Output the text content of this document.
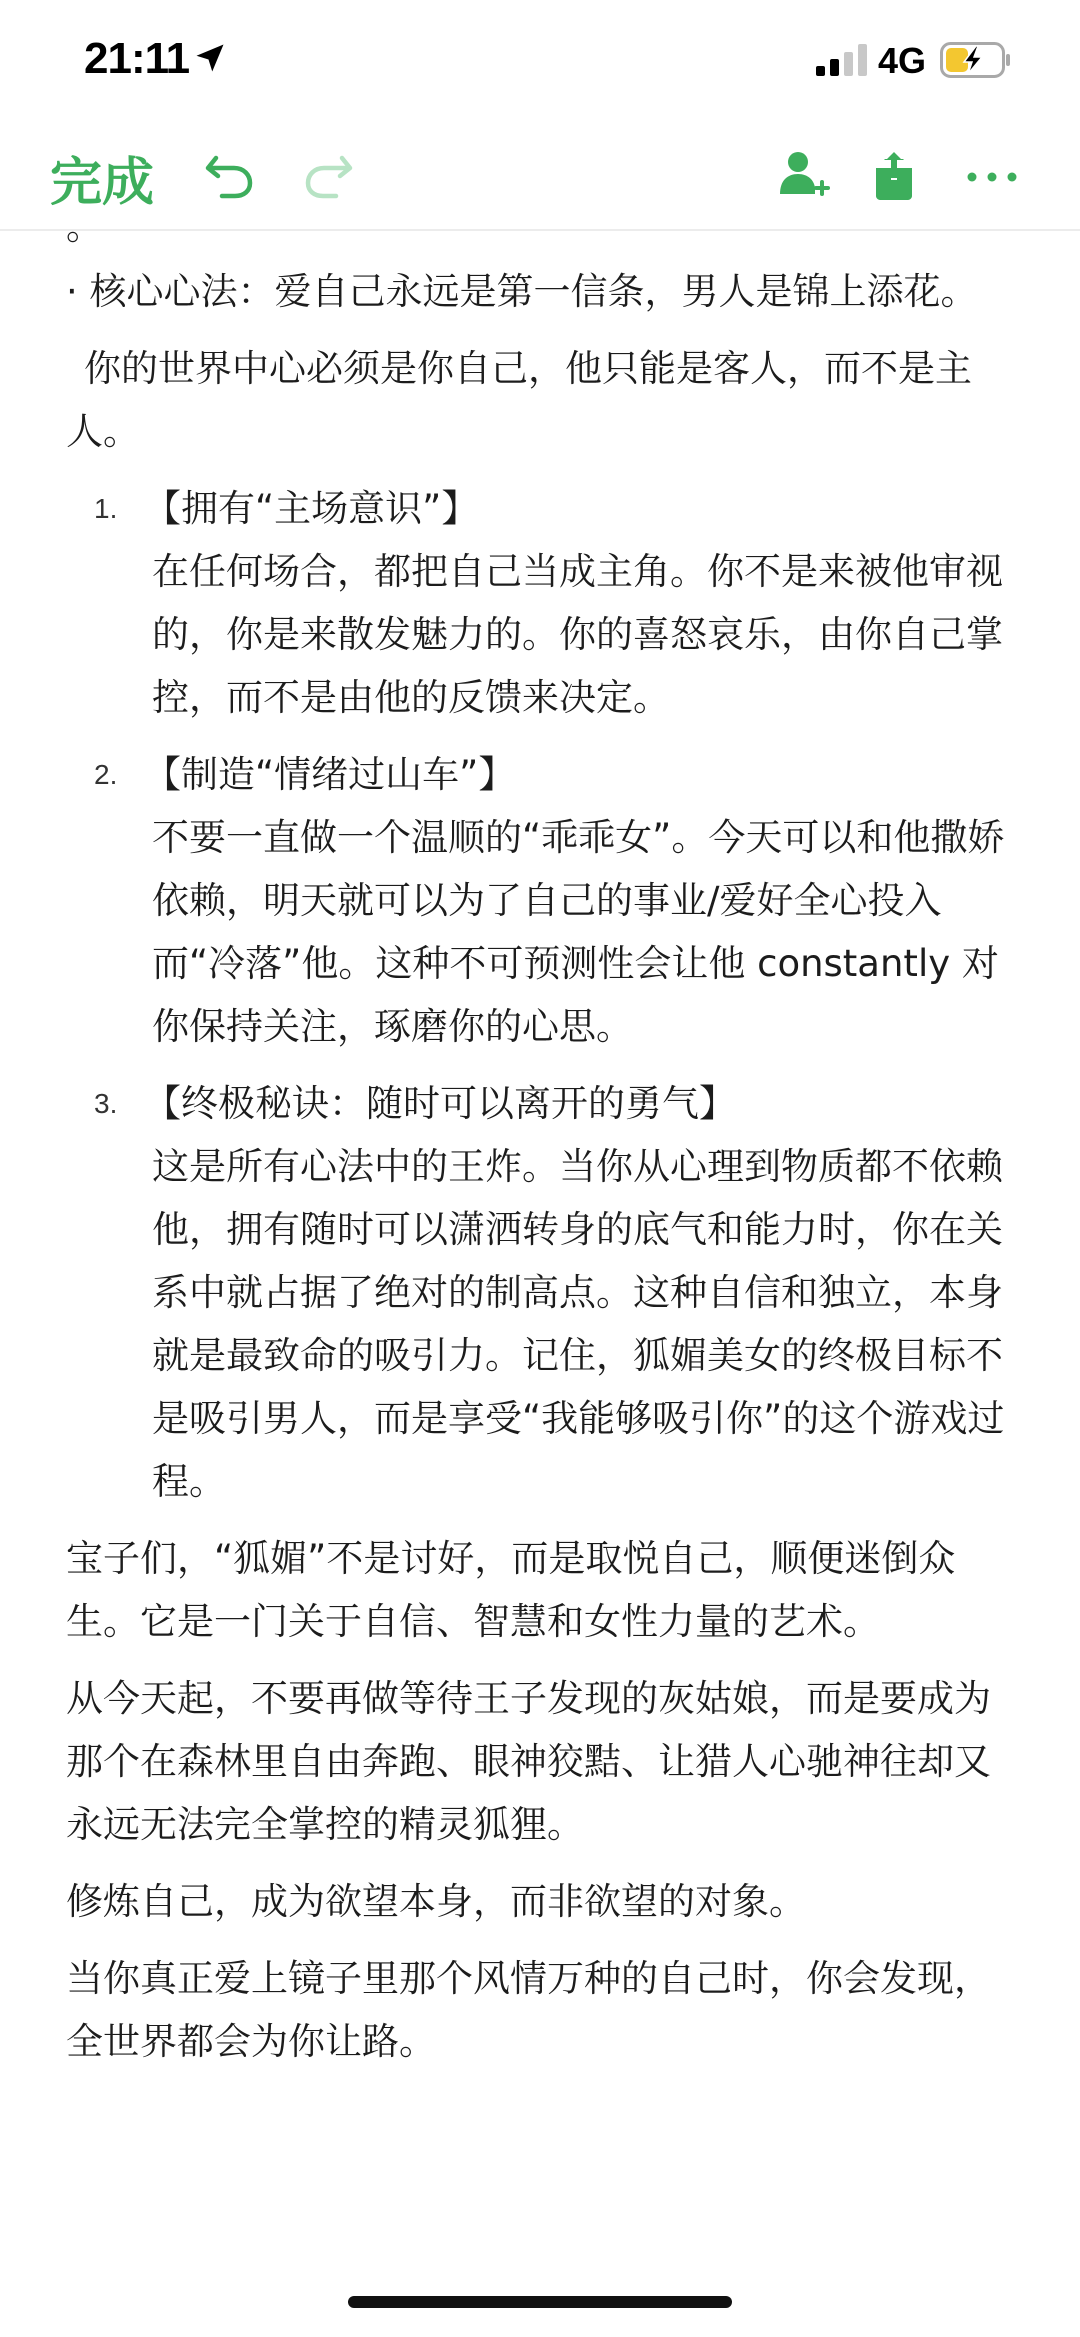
21:11	4G
完成
。

· 核心心法：爱自己永远是第一信条，男人是锦上添花。

你的世界中心必须是你自己，他只能是客人，而不是主人。

1. 【拥有“主场意识”】
在任何场合，都把自己当成主角。你不是来被他审视的，你是来散发魅力的。你的喜怒哀乐，由你自己掌控，而不是由他的反馈来决定。
2. 【制造“情绪过山车”】
不要一直做一个温顺的“乖乖女”。今天可以和他撒娇依赖，明天就可以为了自己的事业/爱好全心投入而“冷落”他。这种不可预测性会让他 constantly 对你保持关注，琢磨你的心思。
3. 【终极秘诀：随时可以离开的勇气】
这是所有心法中的王炸。当你从心理到物质都不依赖他，拥有随时可以潇洒转身的底气和能力时，你在关系中就占据了绝对的制高点。这种自信和独立，本身就是最致命的吸引力。记住，狐媚美女的终极目标不是吸引男人，而是享受“我能够吸引你”的这个游戏过程。

宝子们，“狐媚”不是讨好，而是取悦自己，顺便迷倒众生。它是一门关于自信、智慧和女性力量的艺术。

从今天起，不要再做等待王子发现的灰姑娘，而是要成为那个在森林里自由奔跑、眼神狡黠、让猎人心驰神往却又永远无法完全掌控的精灵狐狸。

修炼自己，成为欲望本身，而非欲望的对象。

当你真正爱上镜子里那个风情万种的自己时，你会发现，全世界都会为你让路。
